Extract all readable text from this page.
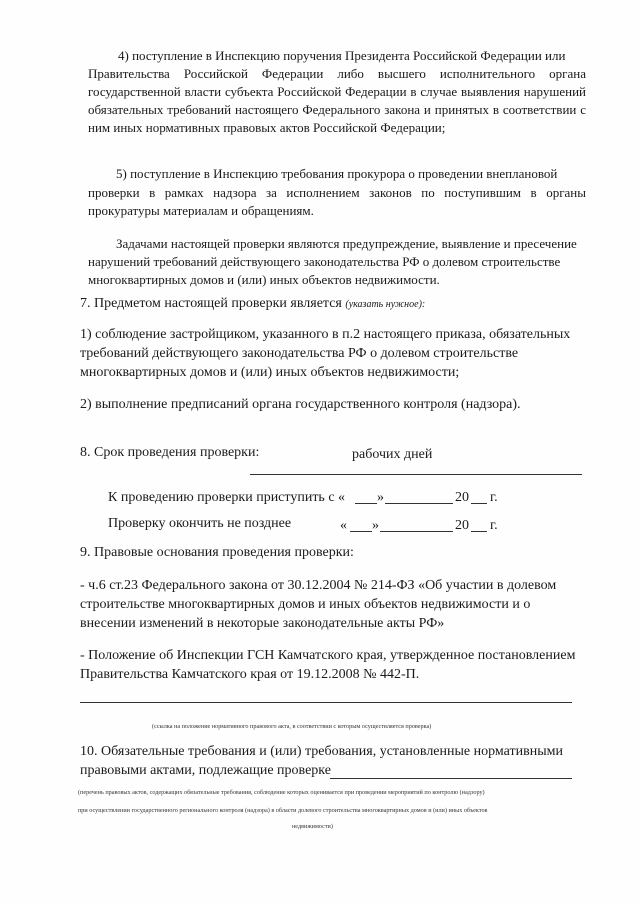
4) поступление в Инспекцию поручения Президента Российской Федерации или
Правительства Российской Федерации либо высшего исполнительного органа
государственной власти субъекта Российской Федерации в случае выявления нарушений
обязательных требований настоящего Федерального закона и принятых в соответствии с
ним иных нормативных правовых актов Российской Федерации;
5) поступление в Инспекцию требования прокурора о проведении внеплановой
проверки в рамках надзора за исполнением законов по поступившим в органы
прокуратуры материалам и обращениям.
Задачами настоящей проверки являются предупреждение, выявление и пресечение
нарушений требований действующего законодательства РФ о долевом строительстве
многоквартирных домов и (или) иных объектов недвижимости.
7. Предметом настоящей проверки является (указать нужное):
1) соблюдение застройщиком, указанного в п.2 настоящего приказа, обязательных
требований действующего законодательства РФ о долевом строительстве
многоквартирных домов и (или) иных объектов недвижимости;
2) выполнение предписаний органа государственного контроля (надзора).
8. Срок проведения проверки:	рабочих дней
К проведению проверки приступить с « »	20 г.
Проверку окончить не позднее	« »	20 г.
9. Правовые основания проведения проверки:
- ч.6 ст.23 Федерального закона от 30.12.2004 № 214-ФЗ «Об участии в долевом
строительстве многоквартирных домов и иных объектов недвижимости и о
внесении изменений в некоторые законодательные акты РФ»
- Положение об Инспекции ГСН Камчатского края, утвержденное постановлением
Правительства Камчатского края от 19.12.2008 № 442-П.
(ссылка на положение нормативного правового акта, в соответствии с которым осуществляется проверка)
10. Обязательные требования и (или) требования, установленные нормативными
правовыми актами, подлежащие проверке
(перечень правовых актов, содержащих обязательные требования, соблюдение которых оценивается при проведении мероприятий по контролю (надзору)
при осуществлении государственного регионального контроля (надзора) в области долевого строительства многоквартирных домов и (или) иных объектов
недвижимости)
